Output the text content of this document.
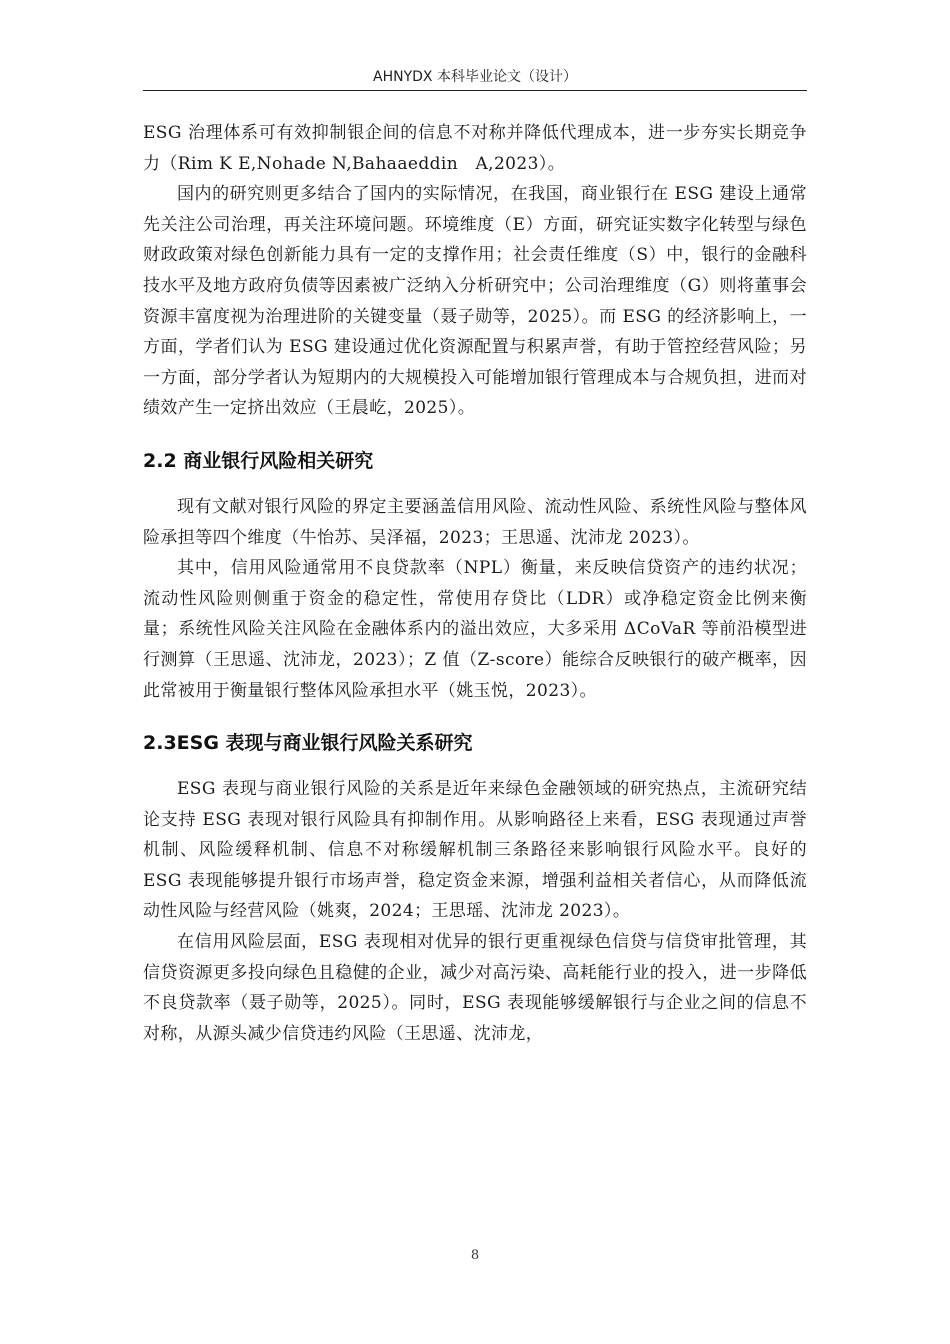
AHNYDX 本科毕业论文（设计）

ESG 治理体系可有效抑制银企间的信息不对称并降低代理成本，进一步夯实长期竞争力（Rim K E,Nohade N,Bahaaeddin　A,2023）。

国内的研究则更多结合了国内的实际情况，在我国，商业银行在 ESG 建设上通常先关注公司治理，再关注环境问题。环境维度（E）方面，研究证实数字化转型与绿色财政政策对绿色创新能力具有一定的支撑作用；社会责任维度（S）中，银行的金融科技水平及地方政府负债等因素被广泛纳入分析研究中；公司治理维度（G）则将董事会资源丰富度视为治理进阶的关键变量（聂子勋等，2025）。而 ESG 的经济影响上，一方面，学者们认为 ESG 建设通过优化资源配置与积累声誉，有助于管控经营风险；另一方面，部分学者认为短期内的大规模投入可能增加银行管理成本与合规负担，进而对绩效产生一定挤出效应（王晨屹，2025）。

2.2 商业银行风险相关研究

现有文献对银行风险的界定主要涵盖信用风险、流动性风险、系统性风险与整体风险承担等四个维度（牛怡苏、吴泽福，2023；王思遥、沈沛龙 2023）。

其中，信用风险通常用不良贷款率（NPL）衡量，来反映信贷资产的违约状况；流动性风险则侧重于资金的稳定性，常使用存贷比（LDR）或净稳定资金比例来衡量；系统性风险关注风险在金融体系内的溢出效应，大多采用 ΔCoVaR 等前沿模型进行测算（王思遥、沈沛龙，2023）；Z 值（Z-score）能综合反映银行的破产概率，因此常被用于衡量银行整体风险承担水平（姚玉悦，2023）。

2.3ESG 表现与商业银行风险关系研究

ESG 表现与商业银行风险的关系是近年来绿色金融领域的研究热点，主流研究结论支持 ESG 表现对银行风险具有抑制作用。从影响路径上来看，ESG 表现通过声誉机制、风险缓释机制、信息不对称缓解机制三条路径来影响银行风险水平。良好的 ESG 表现能够提升银行市场声誉，稳定资金来源，增强利益相关者信心，从而降低流动性风险与经营风险（姚爽，2024；王思瑶、沈沛龙 2023）。

在信用风险层面，ESG 表现相对优异的银行更重视绿色信贷与信贷审批管理，其信贷资源更多投向绿色且稳健的企业，减少对高污染、高耗能行业的投入，进一步降低不良贷款率（聂子勋等，2025）。同时，ESG 表现能够缓解银行与企业之间的信息不对称，从源头减少信贷违约风险（王思遥、沈沛龙，

8
